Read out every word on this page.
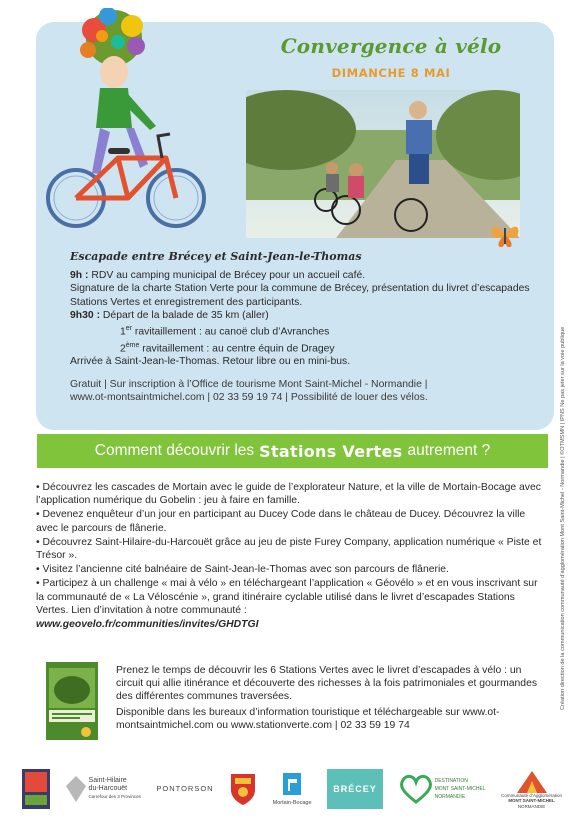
Convergence à vélo
DIMANCHE 8 MAI
Escapade entre Brécey et Saint-Jean-le-Thomas
9h : RDV au camping municipal de Brécey pour un accueil café.
Signature de la charte Station Verte pour la commune de Brécey, présentation du livret d’escapades Stations Vertes et enregistrement des participants.
9h30 : Départ de la balade de 35 km (aller)
1er ravitaillement : au canoë club d’Avranches
2ème ravitaillement : au centre équin de Dragey
Arrivée à Saint-Jean-le-Thomas. Retour libre ou en mini-bus.
Gratuit | Sur inscription à l’Office de tourisme Mont Saint-Michel - Normandie |
www.ot-montsaintmichel.com | 02 33 59 19 74 | Possibilité de louer des vélos.
Comment découvrir les Stations Vertes autrement ?

• Découvrez les cascades de Mortain avec le guide de l’explorateur Nature, et la ville de Mortain-Bocage avec l’application numérique du Gobelin : jeu à faire en famille.

• Devenez enquêteur d’un jour en participant au Ducey Code dans le château de Ducey. Découvrez la ville avec le parcours de flânerie.

• Découvrez Saint-Hilaire-du-Harcouët grâce au jeu de piste Furey Company, application numérique « Piste et Trésor ».

• Visitez l’ancienne cité balnéaire de Saint-Jean-le-Thomas avec son parcours de flânerie.

• Participez à un challenge « mai à vélo » en téléchargeant l’application « Géovélo » et en vous inscrivant sur la communauté de « La Véloscénie », grand itinéraire cyclable utilisé dans le livret d’escapades Stations Vertes. Lien d’invitation à notre communauté :

www.geovelo.fr/communities/invites/GHDTGI

Prenez le temps de découvrir les 6 Stations Vertes avec le livret d’escapades à vélo : un circuit qui allie itinérance et découverte des richesses à la fois patrimoniales et gourmandes des différentes communes traversées.

Disponible dans les bureaux d’information touristique et téléchargeable sur www.ot-montsaintmichel.com ou www.stationverte.com | 02 33 59 19 74

Création direction de la communication communauté d’agglomération Mont Saint-Michel - Normandie | ©OTMSMN | IPNS Ne pas jeter sur la voie publique
Saint-Hilaire
du-Harcouët
Carrefour des 3 Provinces
PONTORSON
Mortain-Bocage
BRÉCEY
DESTINATION
MONT SAINT-MICHEL
NORMANDIE	Communauté d’Agglomération
MONT SAINT-MICHEL
NORMANDIE
